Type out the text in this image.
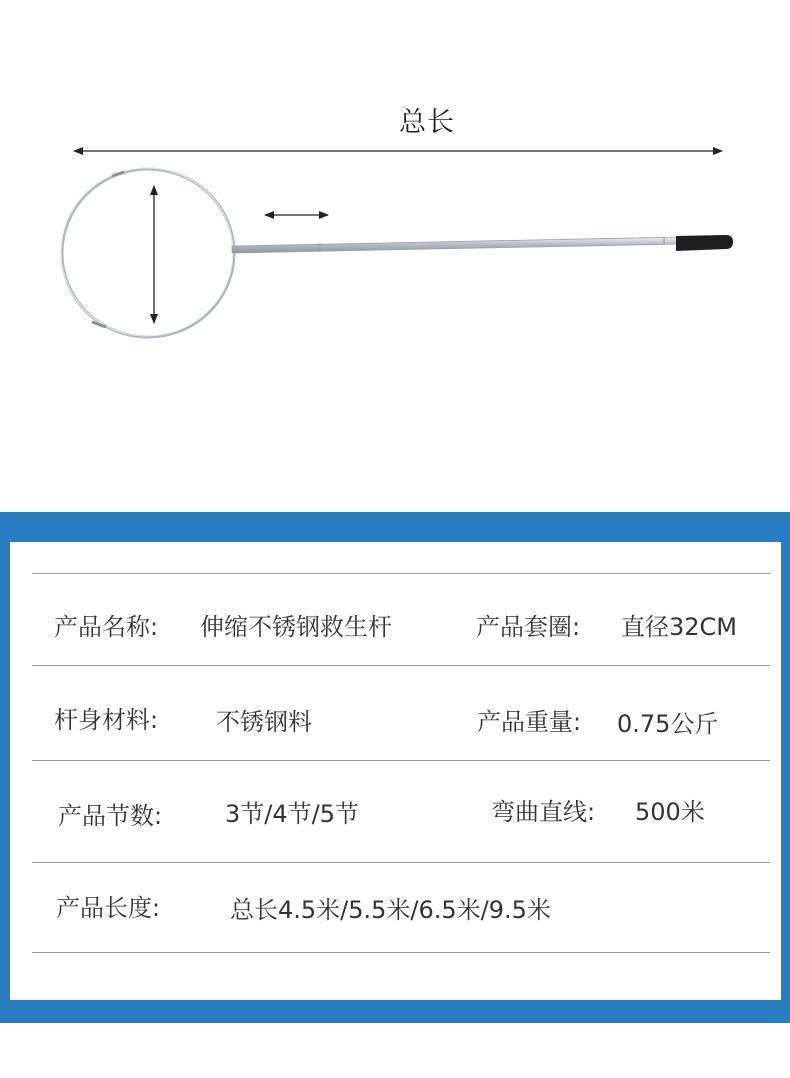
总长
产品名称: 伸缩不锈钢救生杆	产品套圈: 直径32CM
杆身材料: 不锈钢料	产品重量: 0.75公斤
产品节数:	3节/4节/5节	弯曲直线: 500米
产品长度:	总长4.5米/5.5米/6.5米/9.5米
